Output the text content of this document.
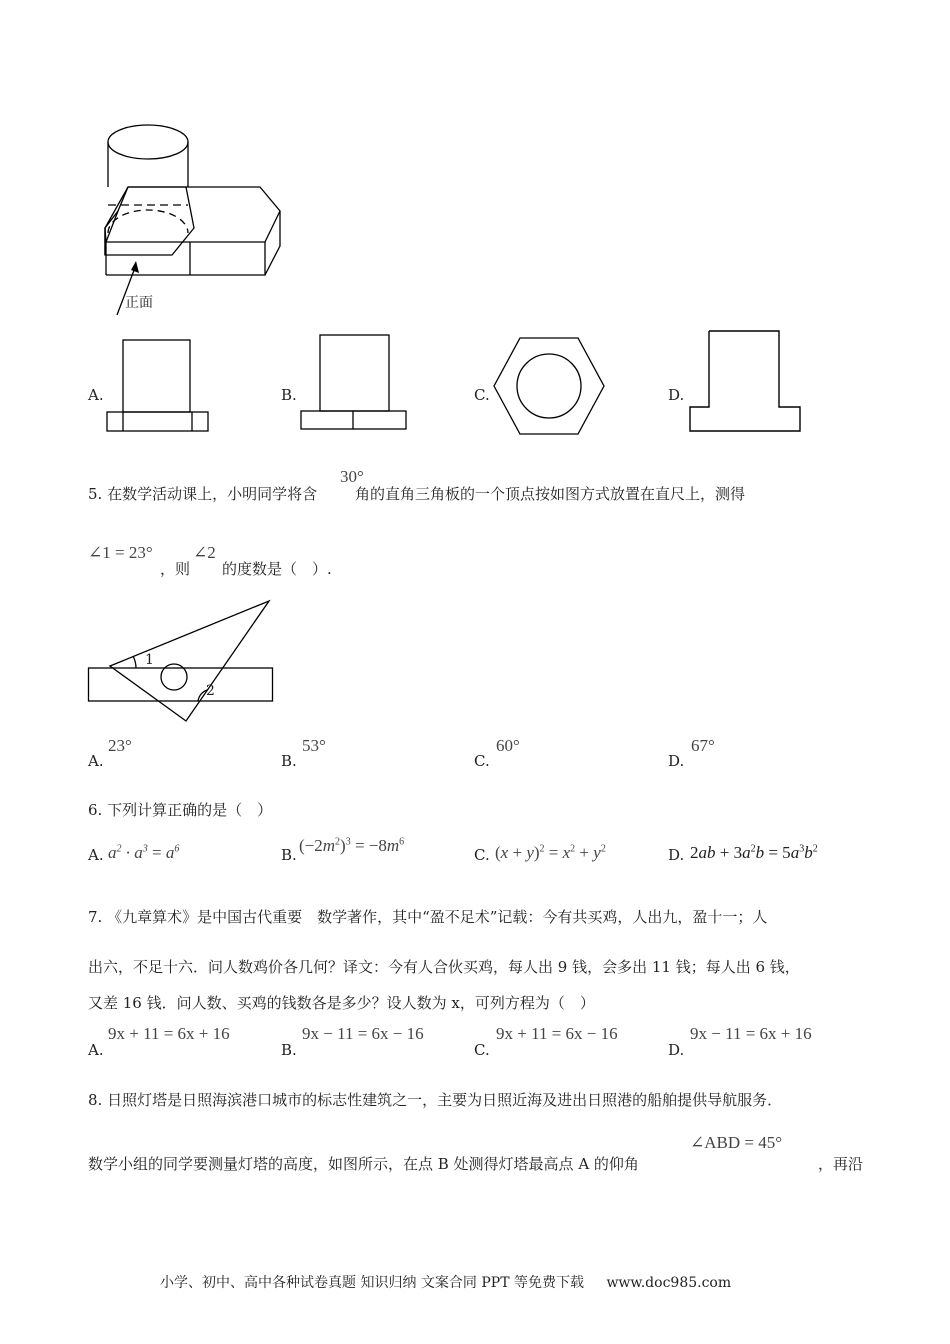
正面
A.	B.	C.	D.
5. 在数学活动课上，小明同学将含
30°
角的直角三角板的一个顶点按如图方式放置在直尺上，测得
∠1 = 23°
，则
∠2
的度数是（　）.
1
2
A.
23°
B.
53°
C.
60°
D.
67°
6. 下列计算正确的是（　）
A. $a^2 \cdot a^3 = a^6$	B. $(-2m^2)^3 = -8m^6$
C. $(x + y)^2 = x^2 + y^2$	D. $2ab + 3a^2b = 5a^3b^2$
7. 《九章算术》是中国古代重要　数学著作，其中“盈不足术”记载：今有共买鸡，人出九，盈十一；人
出六，不足十六．问人数鸡价各几何？译文：今有人合伙买鸡，每人出 9 钱，会多出 11 钱；每人出 6 钱，
又差 16 钱．问人数、买鸡的钱数各是多少？设人数为 x，可列方程为（　）
A.
9x + 11 = 6x + 16
B.
9x − 11 = 6x − 16
C.
9x + 11 = 6x − 16
D.
9x − 11 = 6x + 16
8. 日照灯塔是日照海滨港口城市的标志性建筑之一，主要为日照近海及进出日照港的船舶提供导航服务．
数学小组的同学要测量灯塔的高度，如图所示，在点 B 处测得灯塔最高点 A 的仰角
∠ABD = 45°
，再沿
小学、初中、高中各种试卷真题 知识归纳 文案合同 PPT 等免费下载 www.doc985.com
